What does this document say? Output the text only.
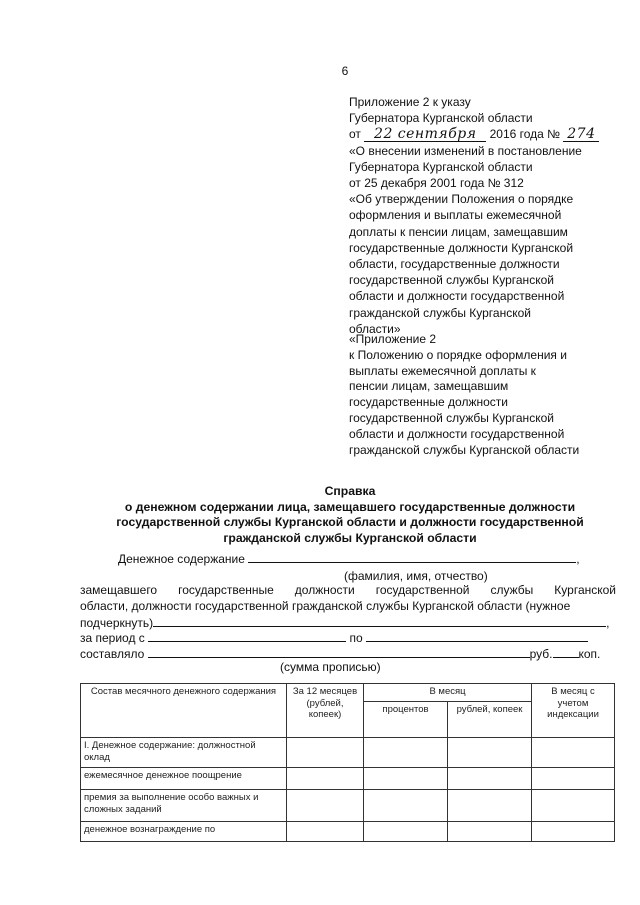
6
Приложение 2 к указу
Губернатора Курганской области
от 22 сентября 2016 года № 274
«О внесении изменений в постановление
Губернатора Курганской области
от 25 декабря 2001 года № 312
«Об утверждении Положения о порядке
оформления и выплаты ежемесячной
доплаты к пенсии лицам, замещавшим
государственные должности Курганской
области, государственные должности
государственной службы Курганской
области и должности государственной
гражданской службы Курганской
области»
«Приложение 2
к Положению о порядке оформления и
выплаты ежемесячной доплаты к
пенсии лицам, замещавшим
государственные должности
государственной службы Курганской
области и должности государственной
гражданской службы Курганской области
Справка
о денежном содержании лица, замещавшего государственные должности
государственной службы Курганской области и должности государственной
гражданской службы Курганской области
Денежное содержание	,
(фамилия, имя, отчество)
замещавшего государственные должности государственной службы Курганской
области, должности государственной гражданской службы Курганской области (нужное
подчеркнуть)	,
за период с	по
составляло	руб. коп.
(сумма прописью)
Состав месячного денежного содержания	За 12 месяцев (рублей, копеек)	В месяц		В месяц с учетом индексации
		процентов	рублей, копеек	
I. Денежное содержание: должностной оклад				
ежемесячное денежное поощрение				
премия за выполнение особо важных и сложных заданий				
денежное вознаграждение по				
